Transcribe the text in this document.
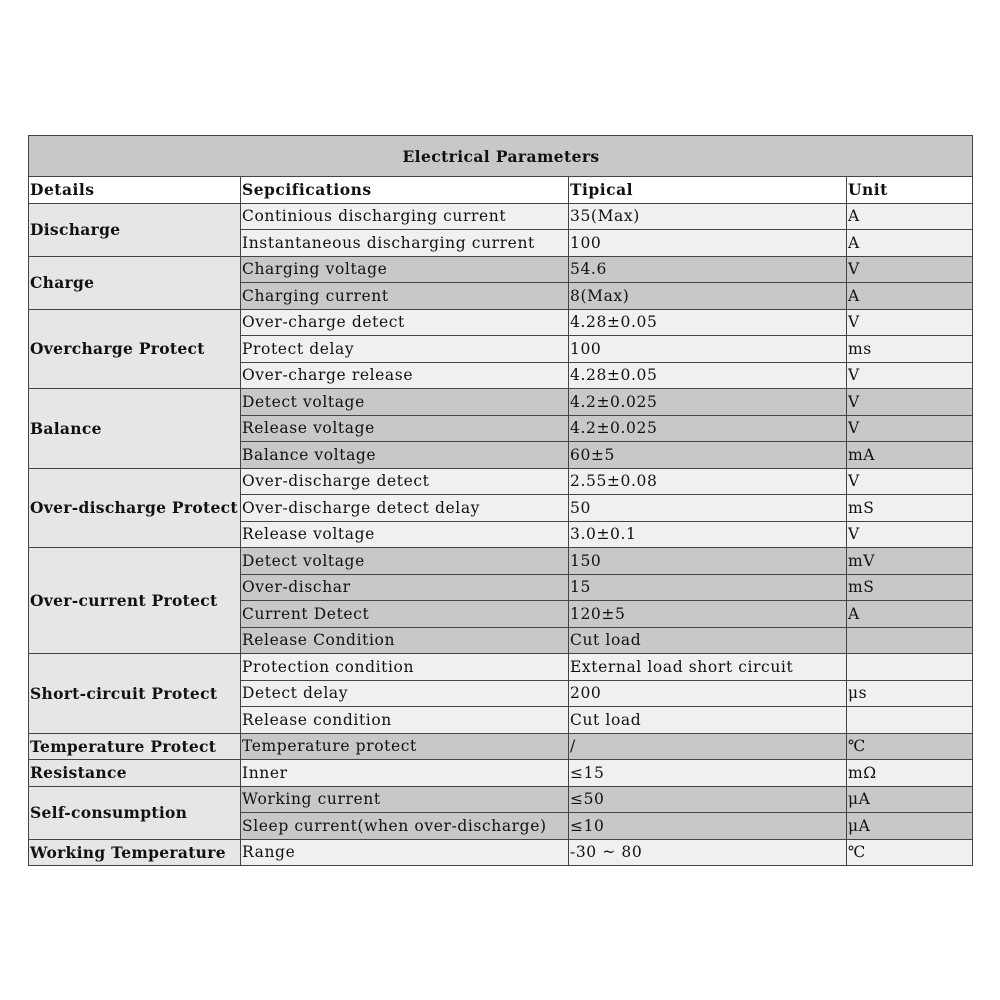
Electrical Parameters			
Details	Sepcifications	Tipical	Unit
Discharge	Continious discharging current	35(Max)	A
	Instantaneous discharging current	100	A
Charge	Charging voltage	54.6	V
	Charging current	8(Max)	A
Overcharge Protect	Over-charge detect	4.28±0.05	V
	Protect delay	100	ms
	Over-charge release	4.28±0.05	V
Balance	Detect voltage	4.2±0.025	V
	Release voltage	4.2±0.025	V
	Balance voltage	60±5	mA
Over-discharge Protect	Over-discharge detect	2.55±0.08	V
	Over-discharge detect delay	50	mS
	Release voltage	3.0±0.1	V
Over-current Protect	Detect voltage	150	mV
	Over-dischar	15	mS
	Current Detect	120±5	A
	Release Condition	Cut load	
Short-circuit Protect	Protection condition	External load short circuit	
	Detect delay	200	μs
	Release condition	Cut load	
Temperature Protect	Temperature protect	/	℃
Resistance	Inner	≤15	mΩ
Self-consumption	Working current	≤50	μA
	Sleep current(when over-discharge)	≤10	μA
Working Temperature	Range	-30 ~ 80	℃
